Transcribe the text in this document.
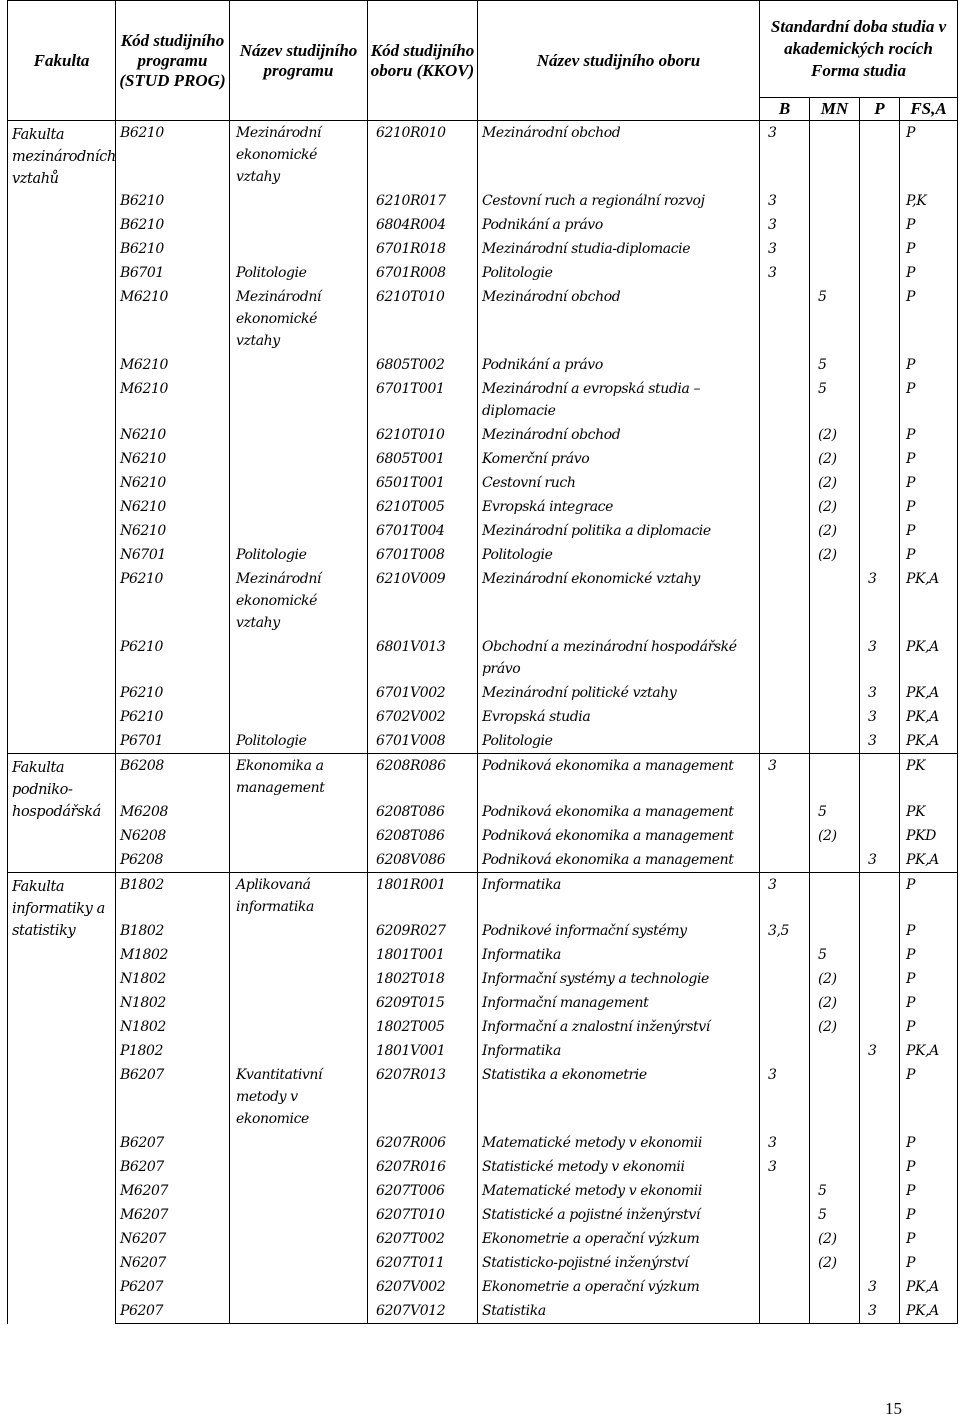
Fakulta	Kód studijního programu (STUD PROG)	Název studijního programu	Kód studijního oboru (KKOV)	Název studijního oboru	Standardní doba studia v akademických rocích Forma studia			
					B	MN	P	FS,A

Fakulta mezinárodních vztahů	B6210	Mezinárodní ekonomické vztahy	6210R010	Mezinárodní obchod	3			P

	B6210		6210R017	Cestovní ruch a regionální rozvoj	3			P,K

	B6210		6804R004	Podnikání a právo	3			P

	B6210		6701R018	Mezinárodní studia-diplomacie	3			P

	B6701	Politologie	6701R008	Politologie	3			P

	M6210	Mezinárodní ekonomické vztahy	6210T010	Mezinárodní obchod		5		P

	M6210		6805T002	Podnikání a právo		5		P

	M6210		6701T001	Mezinárodní a evropská studia – diplomacie		5		P

	N6210		6210T010	Mezinárodní obchod		(2)		P

	N6210		6805T001	Komerční právo		(2)		P

	N6210		6501T001	Cestovní ruch		(2)		P

	N6210		6210T005	Evropská integrace		(2)		P

	N6210		6701T004	Mezinárodní politika a diplomacie		(2)		P

	N6701	Politologie	6701T008	Politologie		(2)		P

	P6210	Mezinárodní ekonomické vztahy	6210V009	Mezinárodní ekonomické vztahy			3	PK,A

	P6210		6801V013	Obchodní a mezinárodní hospodářské právo			3	PK,A

	P6210		6701V002	Mezinárodní politické vztahy			3	PK,A

	P6210		6702V002	Evropská studia			3	PK,A

	P6701	Politologie	6701V008	Politologie			3	PK,A

Fakulta podniko-hospodářská	B6208	Ekonomika a management	6208R086	Podniková ekonomika a management	3			PK

	M6208		6208T086	Podniková ekonomika a management		5		PK

	N6208		6208T086	Podniková ekonomika a management		(2)		PKD

	P6208		6208V086	Podniková ekonomika a management			3	PK,A

Fakulta informatiky a statistiky	B1802	Aplikovaná informatika	1801R001	Informatika	3			P

	B1802		6209R027	Podnikové informační systémy	3,5			P

	M1802		1801T001	Informatika		5		P

	N1802		1802T018	Informační systémy a technologie		(2)		P

	N1802		6209T015	Informační management		(2)		P

	N1802		1802T005	Informační a znalostní inženýrství		(2)		P

	P1802		1801V001	Informatika			3	PK,A

	B6207	Kvantitativní metody v ekonomice	6207R013	Statistika a ekonometrie	3			P

	B6207		6207R006	Matematické metody v ekonomii	3			P

	B6207		6207R016	Statistické metody v ekonomii	3			P

	M6207		6207T006	Matematické metody v ekonomii		5		P

	M6207		6207T010	Statistické a pojistné inženýrství		5		P

	N6207		6207T002	Ekonometrie a operační výzkum		(2)		P

	N6207		6207T011	Statisticko-pojistné inženýrství		(2)		P

	P6207		6207V002	Ekonometrie a operační výzkum			3	PK,A

	P6207		6207V012	Statistika			3	PK,A
15
